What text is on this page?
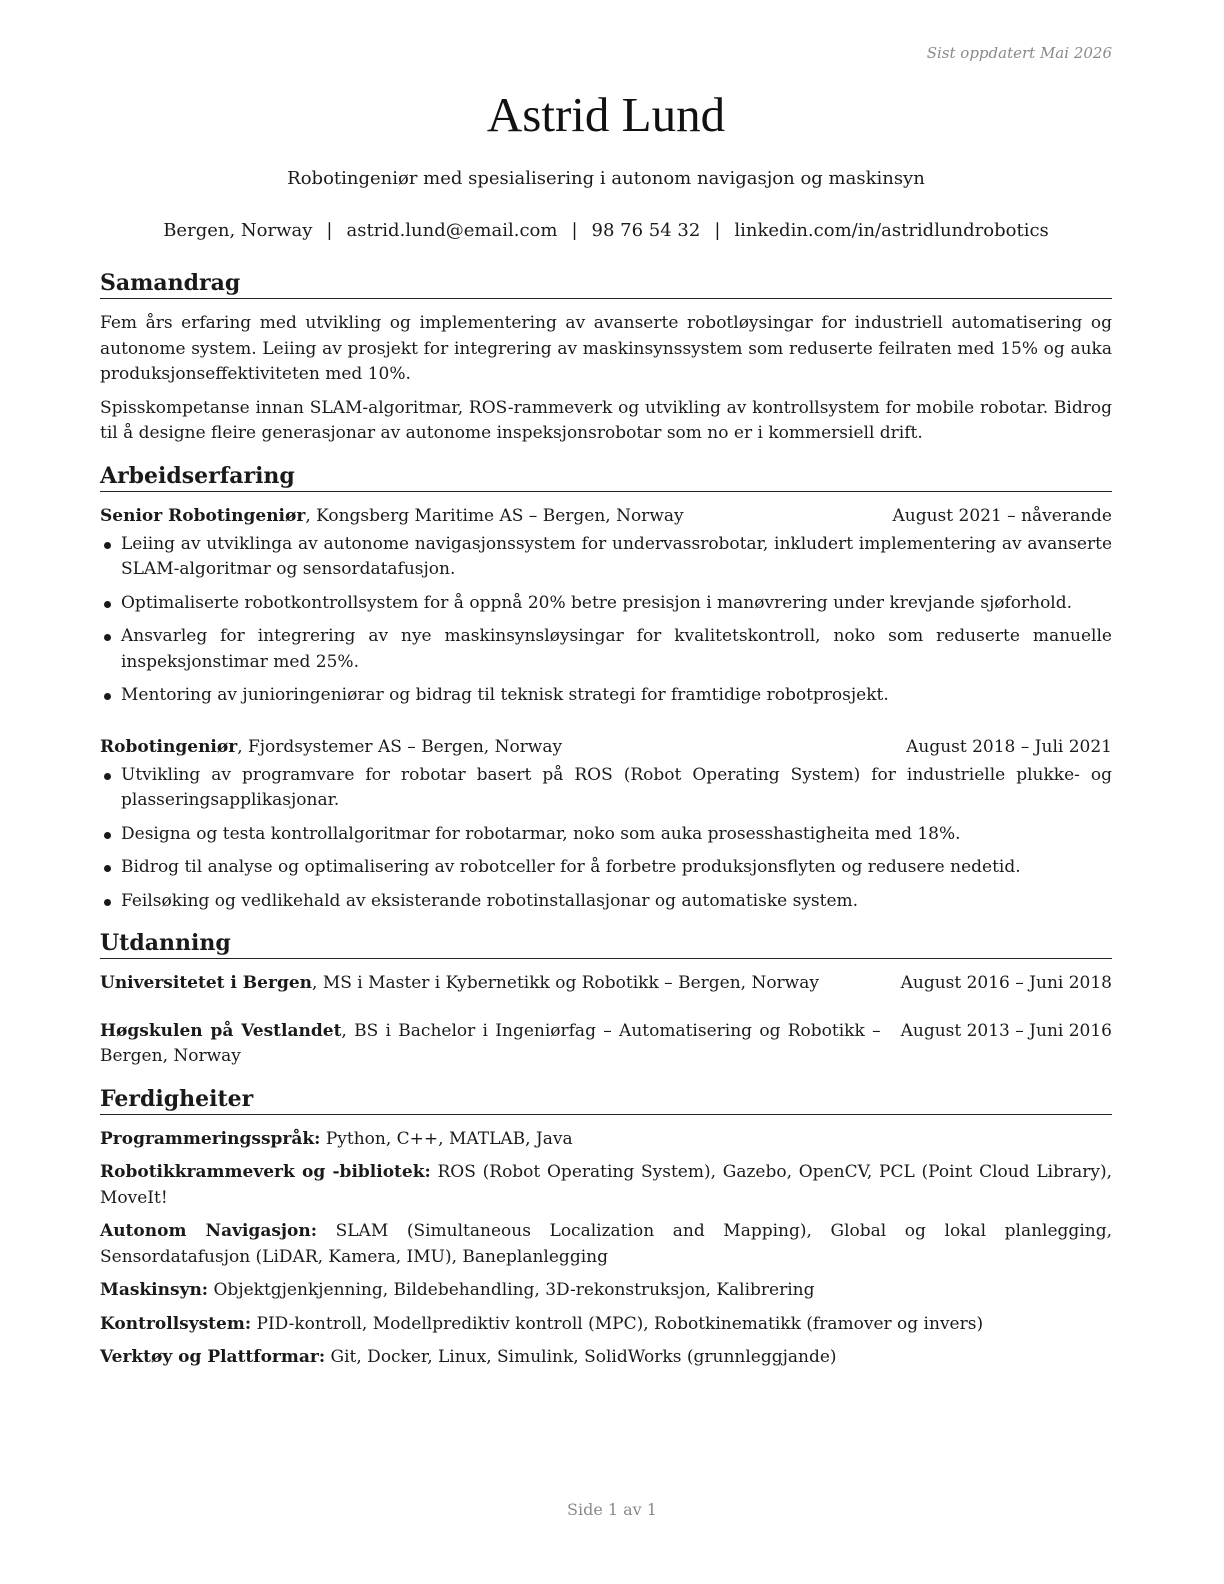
Sist oppdatert Mai 2026
Astrid Lund
Robotingeniør med spesialisering i autonom navigasjon og maskinsyn
Bergen, Norway | astrid.lund@email.com | 98 76 54 32 | linkedin.com/in/astridlundrobotics
Samandrag

Fem års erfaring med utvikling og implementering av avanserte robotløysingar for industriell automatisering og autonome system. Leiing av prosjekt for integrering av maskinsynssystem som reduserte feilraten med 15% og auka produksjonseffektiviteten med 10%.

Spisskompetanse innan SLAM-algoritmar, ROS-rammeverk og utvikling av kontrollsystem for mobile robotar. Bidrog til å designe fleire generasjonar av autonome inspeksjonsrobotar som no er i kommersiell drift.

Arbeidserfaring
Senior Robotingeniør, Kongsberg Maritime AS – Bergen, Norway	August 2021 – nåverande
Leiing av utviklinga av autonome navigasjonssystem for undervassrobotar, inkludert implementering av avanserte SLAM-algoritmar og sensordatafusjon.
Optimaliserte robotkontrollsystem for å oppnå 20% betre presisjon i manøvrering under krevjande sjøforhold.
Ansvarleg for integrering av nye maskinsynsløysingar for kvalitetskontroll, noko som reduserte manuelle inspeksjonstimar med 25%.
Mentoring av junioringeniørar og bidrag til teknisk strategi for framtidige robotprosjekt.
Robotingeniør, Fjordsystemer AS – Bergen, Norway	August 2018 – Juli 2021
Utvikling av programvare for robotar basert på ROS (Robot Operating System) for industrielle plukke- og plasseringsapplikasjonar.
Designa og testa kontrollalgoritmar for robotarmar, noko som auka prosesshastigheita med 18%.
Bidrog til analyse og optimalisering av robotceller for å forbetre produksjonsflyten og redusere nedetid.
Feilsøking og vedlikehald av eksisterande robotinstallasjonar og automatiske system.
Utdanning
Universitetet i Bergen, MS i Master i Kybernetikk og Robotikk – Bergen, Norway	August 2016 – Juni 2018
Høgskulen på Vestlandet, BS i Bachelor i Ingeniørfag – Automatisering og Robotikk – Bergen, Norway
August 2013 – Juni 2016
Ferdigheiter
Programmeringsspråk: Python, C++, MATLAB, Java
Robotikkrammeverk og -bibliotek: ROS (Robot Operating System), Gazebo, OpenCV, PCL (Point Cloud Library), MoveIt!
Autonom Navigasjon: SLAM (Simultaneous Localization and Mapping), Global og lokal planlegging, Sensordatafusjon (LiDAR, Kamera, IMU), Baneplanlegging
Maskinsyn: Objektgjenkjenning, Bildebehandling, 3D-rekonstruksjon, Kalibrering
Kontrollsystem: PID-kontroll, Modellprediktiv kontroll (MPC), Robotkinematikk (framover og invers)
Verktøy og Plattformar: Git, Docker, Linux, Simulink, SolidWorks (grunnleggjande)
Side 1 av 1
